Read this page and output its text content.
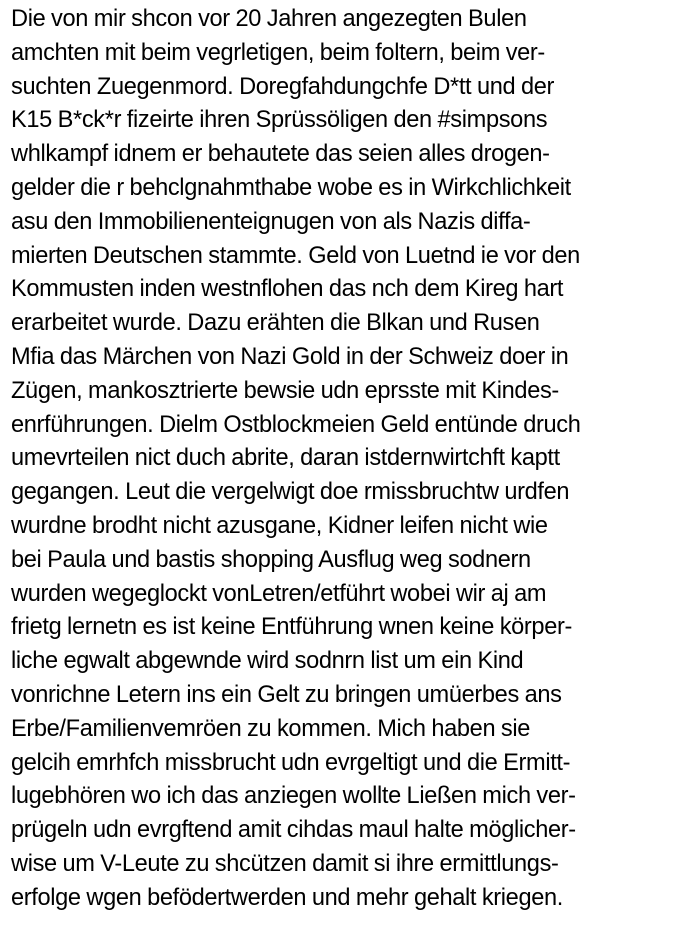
Die von mir shcon vor 20 Jahren angezegten Bulen
amchten mit beim vegrletigen, beim foltern, beim ver-
suchten Zuegenmord. Doregfahdungchfe D*tt und der
K15 B*ck*r fizeirte ihren Sprüssöligen den #simpsons
whlkampf idnem er behautete das seien alles drogen-
gelder die r behclgnahmthabe wobe es in Wirkchlichkeit
asu den Immobilienenteignugen von als Nazis diffa-
mierten Deutschen stammte. Geld von Luetnd ie vor den
Kommusten inden westnflohen das nch dem Kireg hart
erarbeitet wurde. Dazu erähten die Blkan und Rusen
Mfia das Märchen von Nazi Gold in der Schweiz doer in
Zügen, mankosztrierte bewsie udn eprsste mit Kindes-
enrführungen. Dielm Ostblockmeien Geld entünde druch
umevrteilen nict duch abrite, daran istdernwirtchft kaptt
gegangen. Leut die vergelwigt doe rmissbruchtw urdfen
wurdne brodht nicht azusgane, Kidner leifen nicht wie
bei Paula und bastis shopping Ausflug weg sodnern
wurden wegeglockt vonLetren/etführt wobei wir aj am
frietg lernetn es ist keine Entführung wnen keine körper-
liche egwalt abgewnde wird sodnrn list um ein Kind
vonrichne Letern ins ein Gelt zu bringen umüerbes ans
Erbe/Familienvemröen zu kommen. Mich haben sie
gelcih emrhfch missbrucht udn evrgeltigt und die Ermitt-
lugebhören wo ich das anziegen wollte Ließen mich ver-
prügeln udn evrgftend amit cihdas maul halte möglicher-
wise um V-Leute zu shcützen damit si ihre ermittlungs-
erfolge wgen befödertwerden und mehr gehalt kriegen.
